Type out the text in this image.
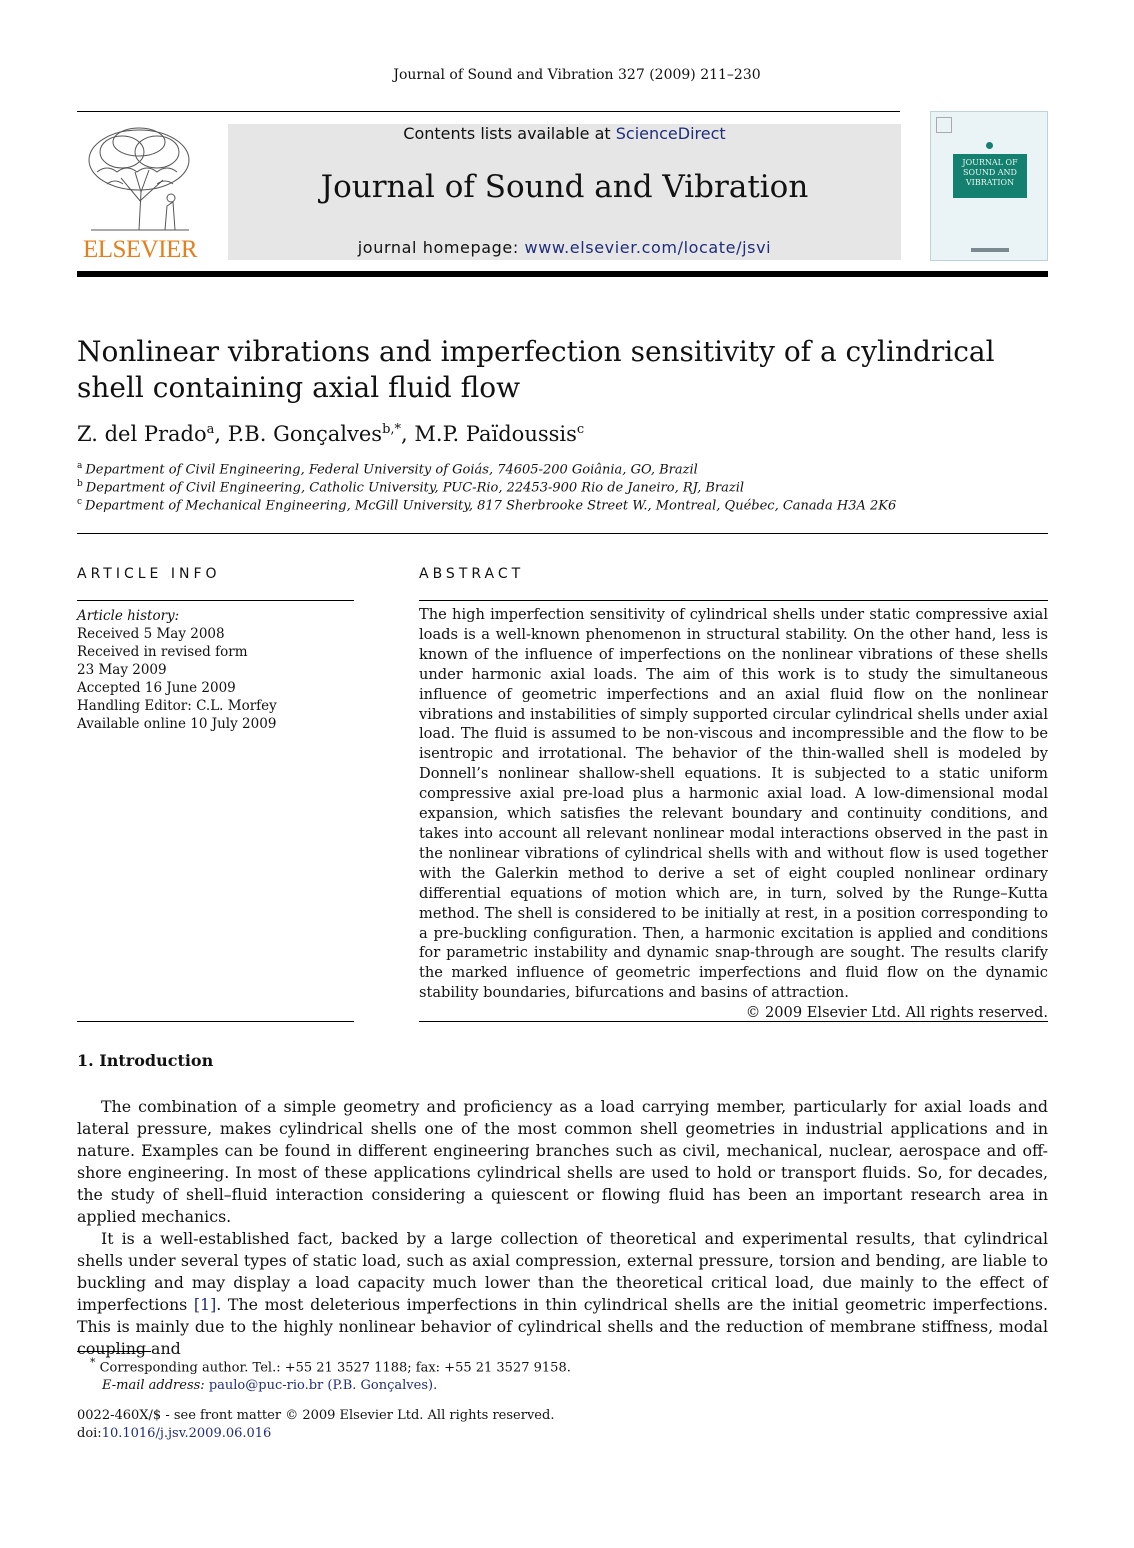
Journal of Sound and Vibration 327 (2009) 211–230
ELSEVIER
Contents lists available at ScienceDirect
Journal of Sound and Vibration
journal homepage: www.elsevier.com/locate/jsvi
JOURNAL OF SOUND AND VIBRATION
Nonlinear vibrations and imperfection sensitivity of a cylindrical shell containing axial fluid flow
Z. del Prado$^a$, P.B. Gonçalves$^{b,*}$, M.P. Païdoussis$^c$
$^a$ Department of Civil Engineering, Federal University of Goiás, 74605-200 Goiânia, GO, Brazil
$^b$ Department of Civil Engineering, Catholic University, PUC-Rio, 22453-900 Rio de Janeiro, RJ, Brazil
$^c$ Department of Mechanical Engineering, McGill University, 817 Sherbrooke Street W., Montreal, Québec, Canada H3A 2K6
ARTICLE INFO
Article history:
Received 5 May 2008
Received in revised form
23 May 2009
Accepted 16 June 2009
Handling Editor: C.L. Morfey
Available online 10 July 2009
ABSTRACT
The high imperfection sensitivity of cylindrical shells under static compressive axial loads is a well-known phenomenon in structural stability. On the other hand, less is known of the influence of imperfections on the nonlinear vibrations of these shells under harmonic axial loads. The aim of this work is to study the simultaneous influence of geometric imperfections and an axial fluid flow on the nonlinear vibrations and instabilities of simply supported circular cylindrical shells under axial load. The fluid is assumed to be non-viscous and incompressible and the flow to be isentropic and irrotational. The behavior of the thin-walled shell is modeled by Donnell’s nonlinear shallow-shell equations. It is subjected to a static uniform compressive axial pre-load plus a harmonic axial load. A low-dimensional modal expansion, which satisfies the relevant boundary and continuity conditions, and takes into account all relevant nonlinear modal interactions observed in the past in the nonlinear vibrations of cylindrical shells with and without flow is used together with the Galerkin method to derive a set of eight coupled nonlinear ordinary differential equations of motion which are, in turn, solved by the Runge–Kutta method. The shell is considered to be initially at rest, in a position corresponding to a pre-buckling configuration. Then, a harmonic excitation is applied and conditions for parametric instability and dynamic snap-through are sought. The results clarify the marked influence of geometric imperfections and fluid flow on the dynamic stability boundaries, bifurcations and basins of attraction.
© 2009 Elsevier Ltd. All rights reserved.
1. Introduction

The combination of a simple geometry and proficiency as a load carrying member, particularly for axial loads and lateral pressure, makes cylindrical shells one of the most common shell geometries in industrial applications and in nature. Examples can be found in different engineering branches such as civil, mechanical, nuclear, aerospace and off-shore engineering. In most of these applications cylindrical shells are used to hold or transport fluids. So, for decades, the study of shell–fluid interaction considering a quiescent or flowing fluid has been an important research area in applied mechanics.

It is a well-established fact, backed by a large collection of theoretical and experimental results, that cylindrical shells under several types of static load, such as axial compression, external pressure, torsion and bending, are liable to buckling and may display a load capacity much lower than the theoretical critical load, due mainly to the effect of imperfections [1]. The most deleterious imperfections in thin cylindrical shells are the initial geometric imperfections. This is mainly due to the highly nonlinear behavior of cylindrical shells and the reduction of membrane stiffness, modal coupling and

* Corresponding author. Tel.: +55 21 3527 1188; fax: +55 21 3527 9158.
E-mail address: paulo@puc-rio.br (P.B. Gonçalves).
0022-460X/$ - see front matter © 2009 Elsevier Ltd. All rights reserved.
doi:10.1016/j.jsv.2009.06.016
